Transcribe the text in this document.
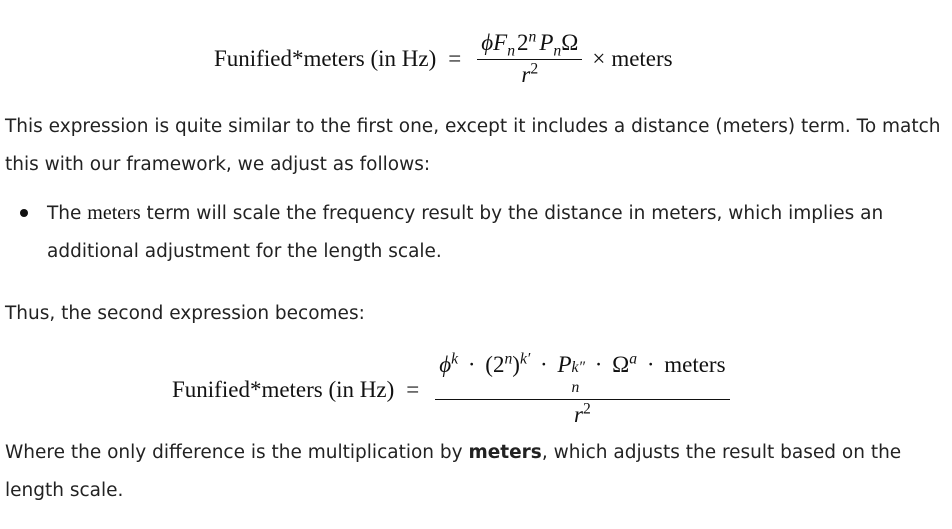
Funified*meters (in $Hz) = \frac{\phi F_n2^n P_n\Omega}{r^2}$ × meters

This expression is quite similar to the first one, except it includes a distance (meters) term. To match this with our framework, we adjust as follows:

The meters term will scale the frequency result by the distance in meters, which implies an additional adjustment for the length scale.

Thus, the second expression becomes:

Funified*meters (in Hz) =
$\phi^k \cdot (2^n)^{k'} \cdot P$ k″
n
· $\Omega^a$ · meters
$r^2$

Where the only difference is the multiplication by meters, which adjusts the result based on the length scale.
